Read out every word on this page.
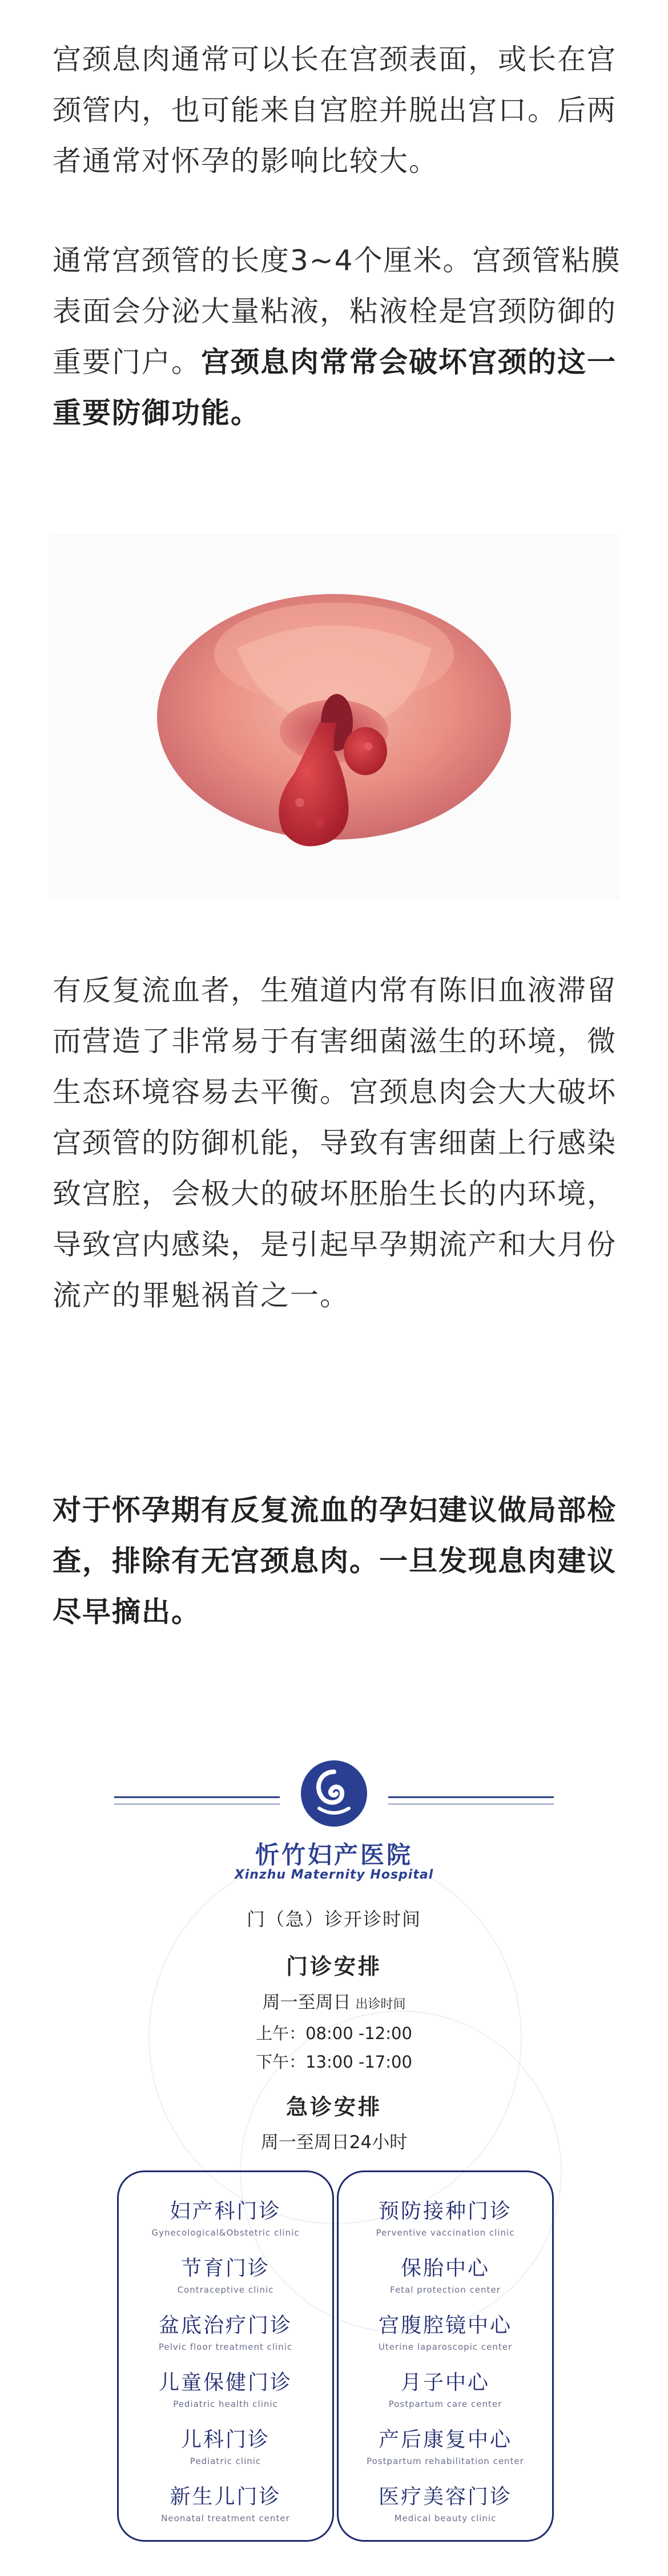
宫颈息肉通常可以长在宫颈表面，或长在宫颈管内，也可能来自宫腔并脱出宫口。后两者通常对怀孕的影响比较大。

通常宫颈管的长度3~4个厘米。宫颈管粘膜表面会分泌大量粘液，粘液栓是宫颈防御的重要门户。宫颈息肉常常会破坏宫颈的这一重要防御功能。

有反复流血者，生殖道内常有陈旧血液滞留而营造了非常易于有害细菌滋生的环境，微生态环境容易去平衡。宫颈息肉会大大破坏宫颈管的防御机能，导致有害细菌上行感染致宫腔，会极大的破坏胚胎生长的内环境，导致宫内感染，是引起早孕期流产和大月份流产的罪魁祸首之一。

对于怀孕期有反复流血的孕妇建议做局部检查，排除有无宫颈息肉。一旦发现息肉建议尽早摘出。

忻竹妇产医院
Xinzhu Maternity Hospital
门（急）诊开诊时间
门诊安排
周一至周日 出诊时间
上午：08:00 -12:00
下午：13:00 -17:00
急诊安排
周一至周日24小时
妇产科门诊
Gynecological&Obstetric clinic
节育门诊
Contraceptive clinic
盆底治疗门诊
Pelvic floor treatment clinic
儿童保健门诊
Pediatric health clinic
儿科门诊
Pediatric clinic
新生儿门诊
Neonatal treatment center
预防接种门诊
Perventive vaccination clinic
保胎中心
Fetal protection center
宫腹腔镜中心
Uterine laparoscopic center
月子中心
Postpartum care center
产后康复中心
Postpartum rehabilitation center
医疗美容门诊
Medical beauty clinic
